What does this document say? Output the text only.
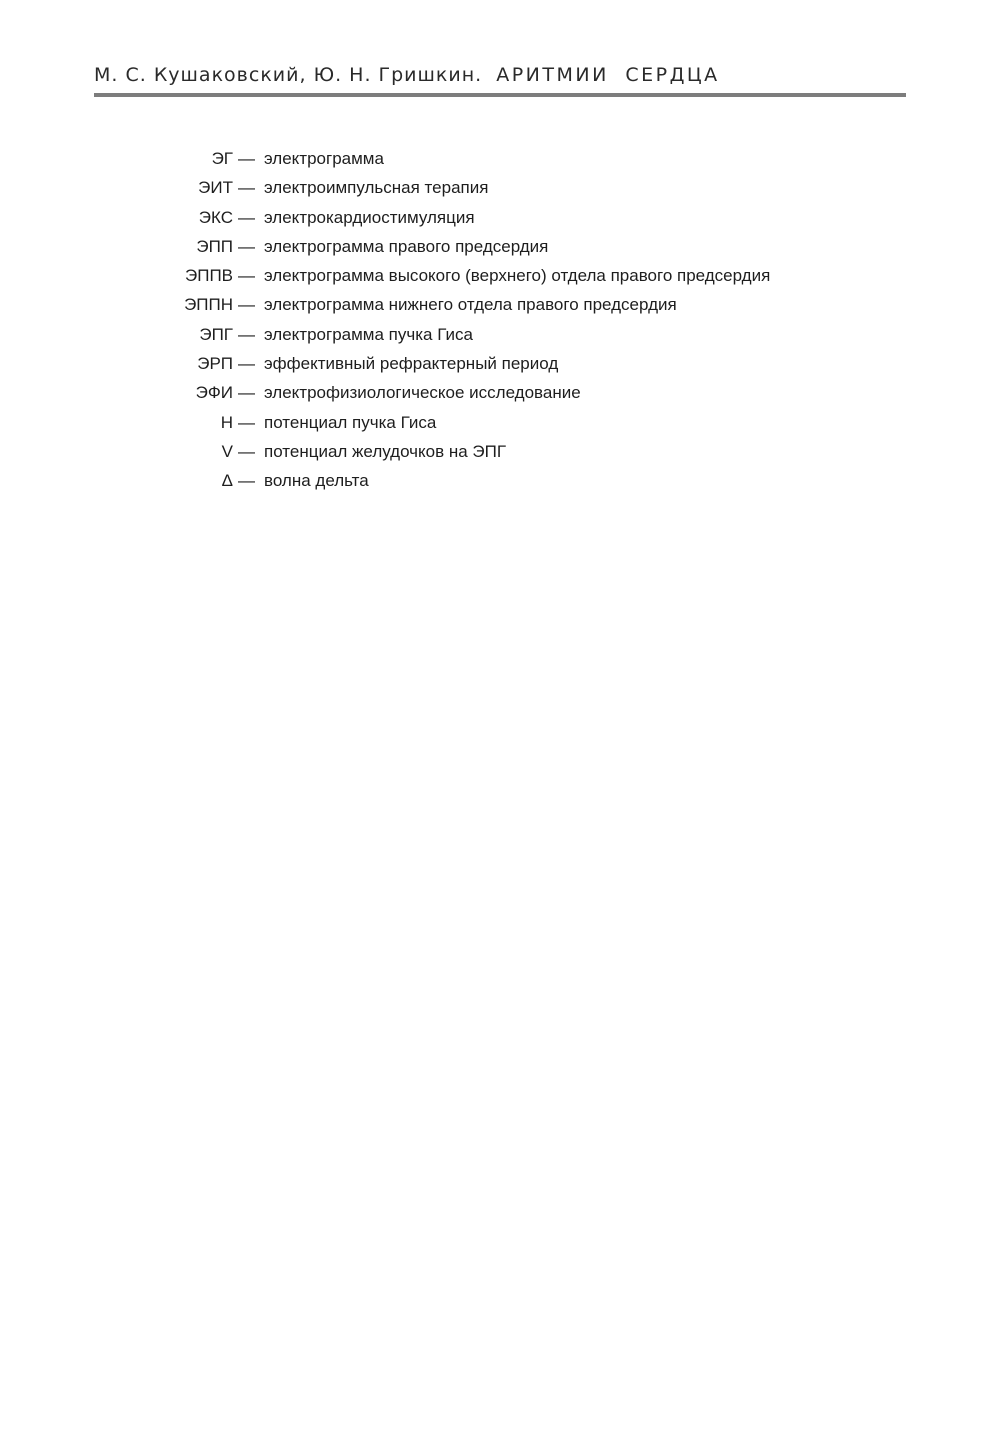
М. С. Кушаковский, Ю. Н. Гришкин. АРИТМИИ СЕРДЦА
ЭГ — электрограмма
ЭИТ — электроимпульсная терапия
ЭКС — электрокардиостимуляция
ЭПП — электрограмма правого предсердия
ЭППВ — электрограмма высокого (верхнего) отдела правого предсердия
ЭППН — электрограмма нижнего отдела правого предсердия
ЭПГ — электрограмма пучка Гиса
ЭРП — эффективный рефрактерный период
ЭФИ — электрофизиологическое исследование
H — потенциал пучка Гиса
V — потенциал желудочков на ЭПГ
Δ — волна дельта
